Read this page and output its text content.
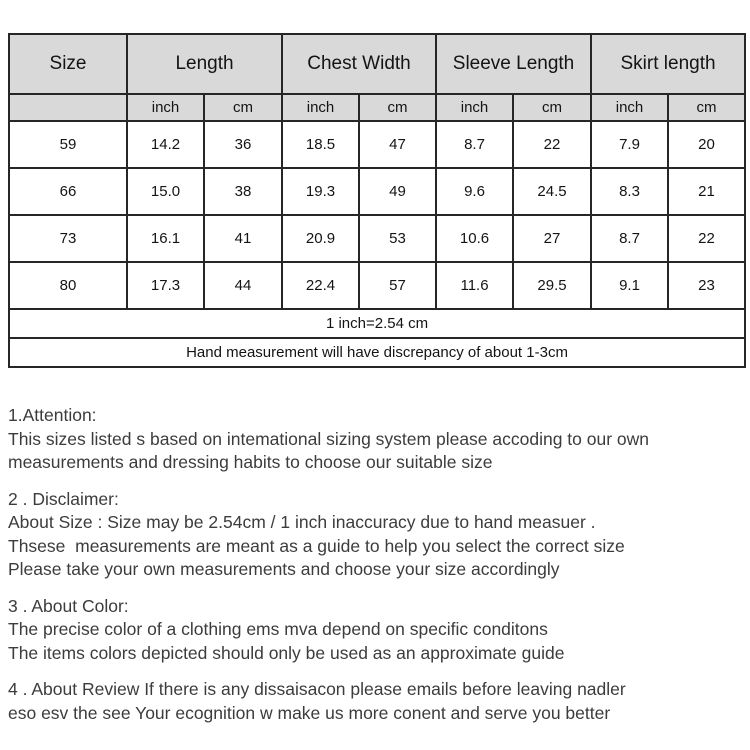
Size	Length		Chest Width		Sleeve Length		Skirt length	
	inch	cm	inch	cm	inch	cm	inch	cm
59	14.2	36	18.5	47	8.7	22	7.9	20
66	15.0	38	19.3	49	9.6	24.5	8.3	21
73	16.1	41	20.9	53	10.6	27	8.7	22
80	17.3	44	22.4	57	11.6	29.5	9.1	23
1 inch=2.54 cm								
Hand measurement will have discrepancy of about 1-3cm								
1.Attention:
This sizes listed s based on intemational sizing system please accoding to our own
measurements and dressing habits to choose our suitable size
2 . Disclaimer:
About Size : Size may be 2.54cm / 1 inch inaccuracy due to hand measuer .
Thsese  measurements are meant as a guide to help you select the correct size
Please take your own measurements and choose your size accordingly
3 . About Color:
The precise color of a clothing ems mva depend on specific conditons
The items colors depicted should only be used as an approximate guide
4 . About Review If there is any dissaisacon please emails before leaving nadler
eso esv the see Your ecognition w make us more conent and serve you better
